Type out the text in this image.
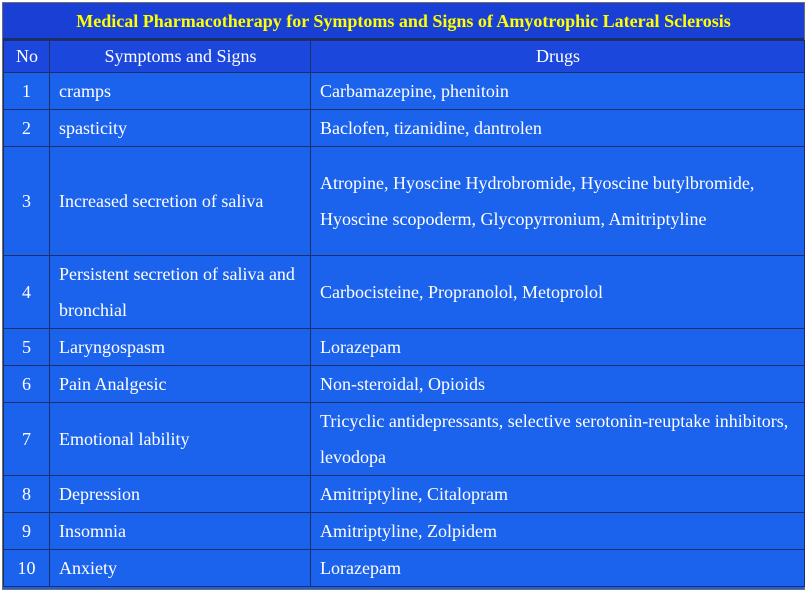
Medical Pharmacotherapy for Symptoms and Signs of Amyotrophic Lateral Sclerosis
No	Symptoms and Signs	Drugs
1	cramps	Carbamazepine, phenitoin
2	spasticity	Baclofen, tizanidine, dantrolen
3	Increased secretion of saliva	Atropine, Hyoscine Hydrobromide, Hyoscine butylbromide, Hyoscine scopoderm, Glycopyrronium, Amitriptyline
4	Persistent secretion of saliva and bronchial	Carbocisteine, Propranolol, Metoprolol
5	Laryngospasm	Lorazepam
6	Pain Analgesic	Non-steroidal, Opioids
7	Emotional lability	Tricyclic antidepressants, selective serotonin-reuptake inhibitors, levodopa
8	Depression	Amitriptyline, Citalopram
9	Insomnia	Amitriptyline, Zolpidem
10	Anxiety	Lorazepam
